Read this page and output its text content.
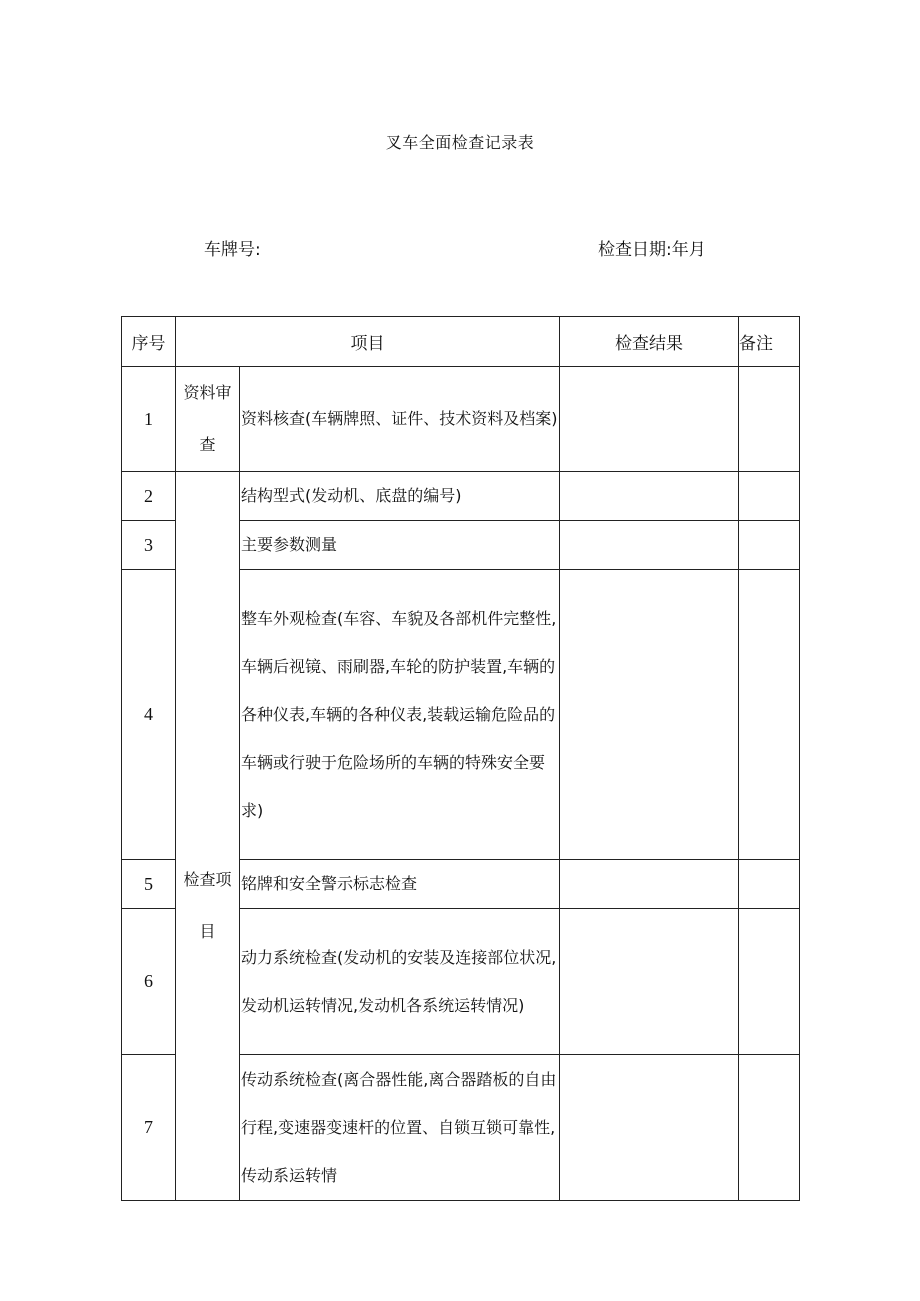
叉车全面检查记录表
车牌号:	检查日期:年月
序号	项目		检查结果	备注
1	资料审查	资料核查(车辆牌照、证件、技术资料及档案)		
2	检查项目	结构型式(发动机、底盘的编号)		
3		主要参数测量		
4		整车外观检查(车容、车貌及各部机件完整性,车辆后视镜、雨刷器,车轮的防护装置,车辆的各种仪表,车辆的各种仪表,装载运输危险品的车辆或行驶于危险场所的车辆的特殊安全要求)		
5		铭牌和安全警示标志检查		
6		动力系统检查(发动机的安装及连接部位状况,发动机运转情况,发动机各系统运转情况)		
7		传动系统检查(离合器性能,离合器踏板的自由行程,变速器变速杆的位置、自锁互锁可靠性,传动系运转情		
